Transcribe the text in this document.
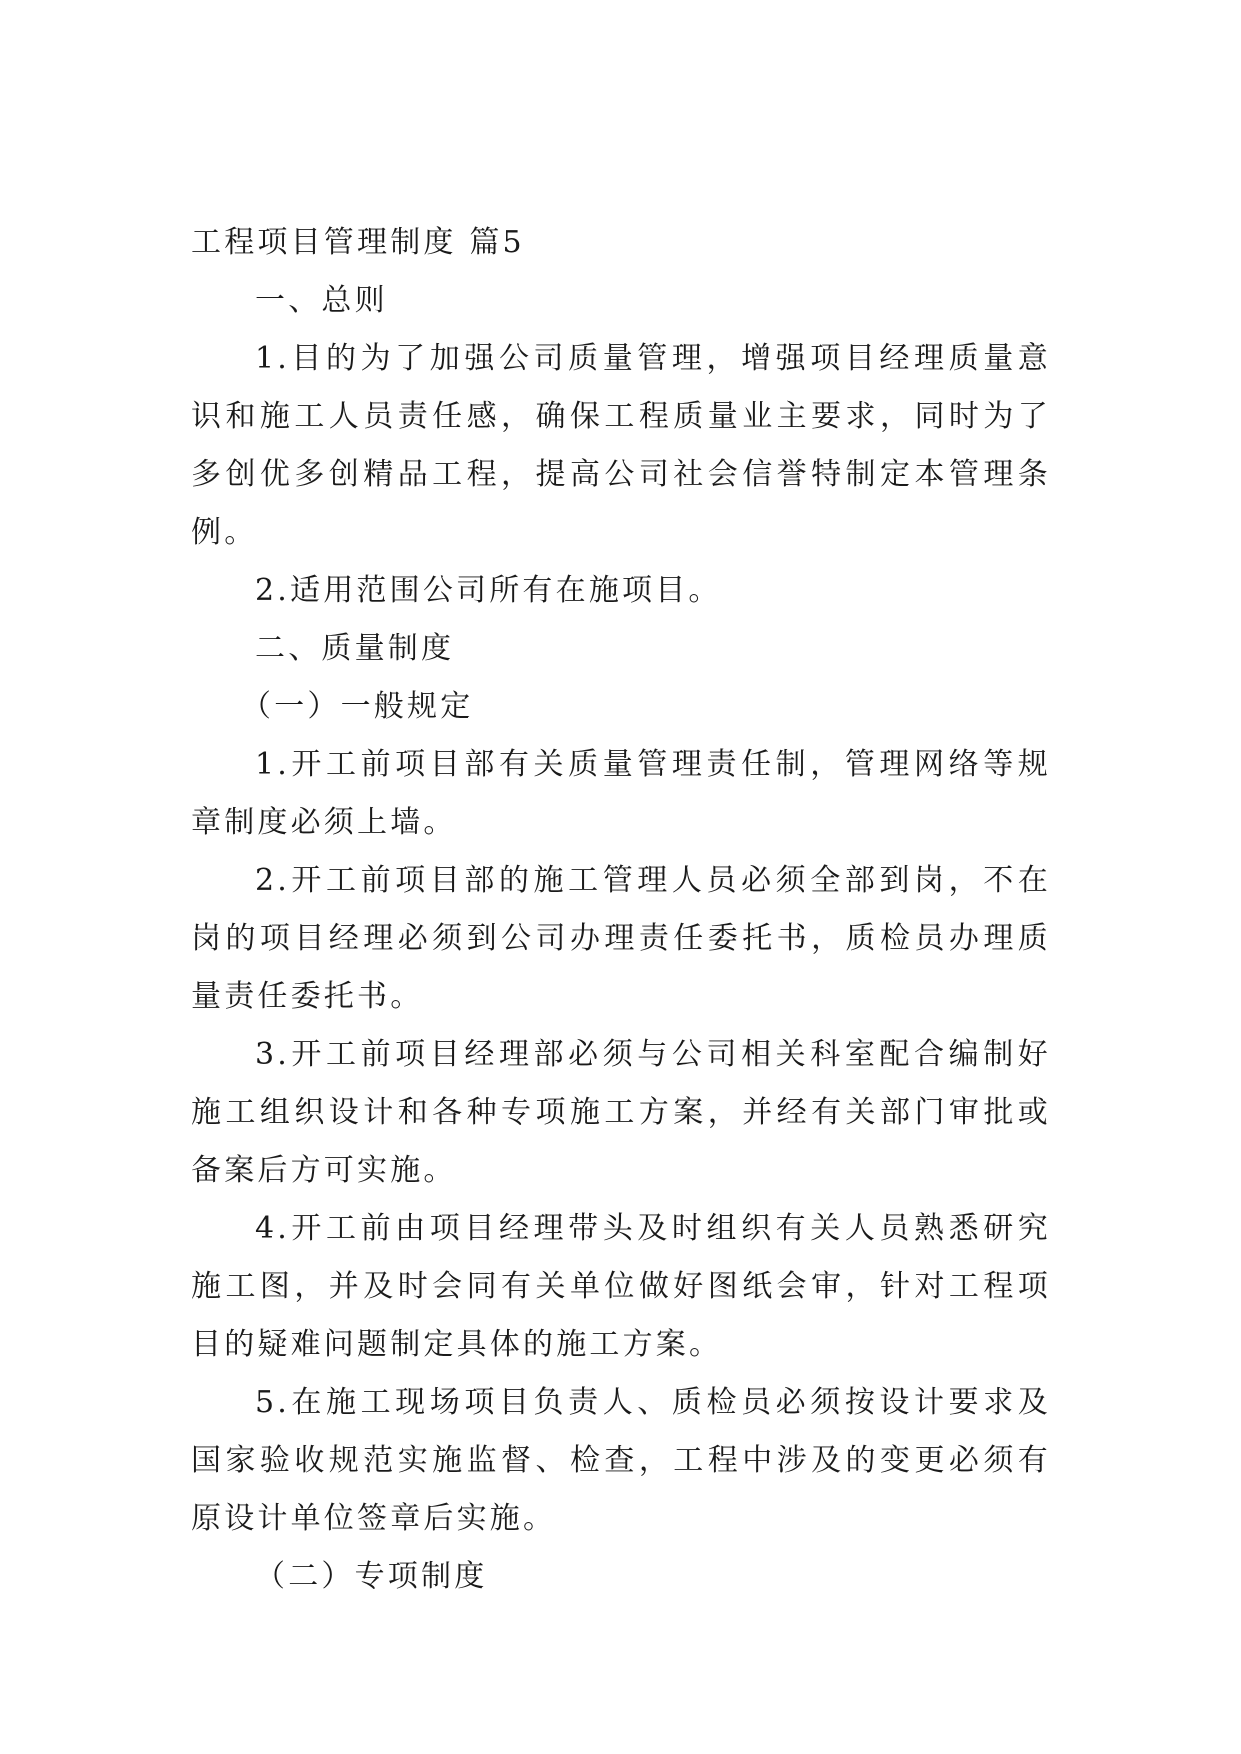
工程项目管理制度 篇5

一、总则

1.目的为了加强公司质量管理，增强项目经理质量意识和施工人员责任感，确保工程质量业主要求，同时为了多创优多创精品工程，提高公司社会信誉特制定本管理条例。

2.适用范围公司所有在施项目。

二、质量制度

（一）一般规定

1.开工前项目部有关质量管理责任制，管理网络等规章制度必须上墙。

2.开工前项目部的施工管理人员必须全部到岗，不在岗的项目经理必须到公司办理责任委托书，质检员办理质量责任委托书。

3.开工前项目经理部必须与公司相关科室配合编制好施工组织设计和各种专项施工方案，并经有关部门审批或备案后方可实施。

4.开工前由项目经理带头及时组织有关人员熟悉研究施工图，并及时会同有关单位做好图纸会审，针对工程项目的疑难问题制定具体的施工方案。

5.在施工现场项目负责人、质检员必须按设计要求及国家验收规范实施监督、检查，工程中涉及的变更必须有原设计单位签章后实施。

（二）专项制度
